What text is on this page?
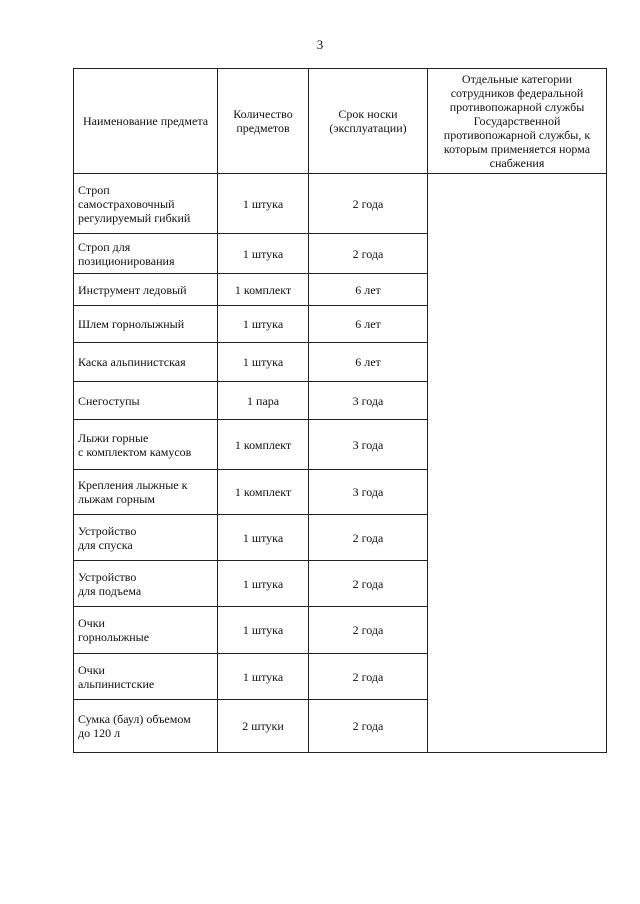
3
Наименование предмета	Количество предметов	Срок носки (эксплуатации)	Отдельные категории сотрудников федеральной противопожарной службы Государственной противопожарной службы, к которым применяется норма снабжения
Строп
самостраховочный
регулируемый гибкий	1 штука	2 года	
Строп для
позиционирования	1 штука	2 года	
Инструмент ледовый	1 комплект	6 лет	
Шлем горнолыжный	1 штука	6 лет	
Каска альпинистская	1 штука	6 лет	
Снегоступы	1 пара	3 года	
Лыжи горные
с комплектом камусов	1 комплект	3 года	
Крепления лыжные к
лыжам горным	1 комплект	3 года	
Устройство
для спуска	1 штука	2 года	
Устройство
для подъема	1 штука	2 года	
Очки
горнолыжные	1 штука	2 года	
Очки
альпинистские	1 штука	2 года	
Сумка (баул) объемом
до 120 л	2 штуки	2 года	
